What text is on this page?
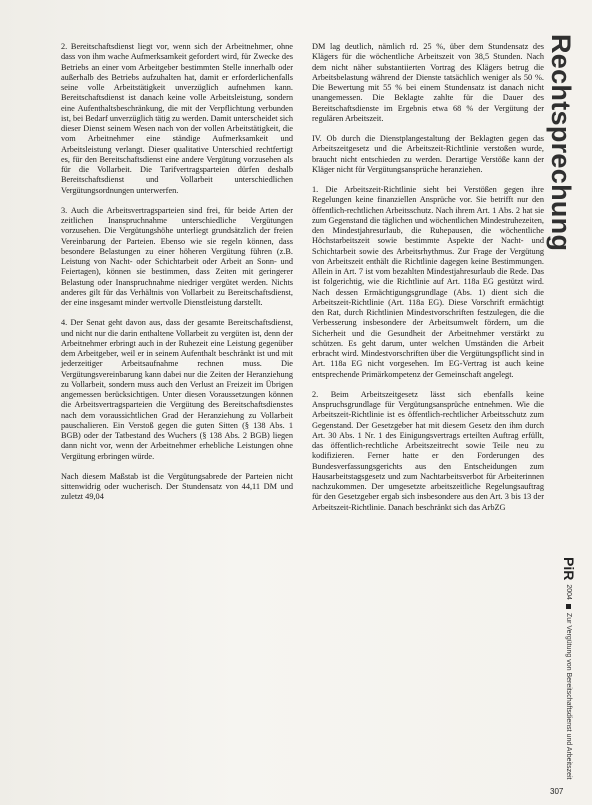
Rechtsprechung

2. Bereitschaftsdienst liegt vor, wenn sich der Arbeitnehmer, ohne dass von ihm wache Aufmerksamkeit gefordert wird, für Zwecke des Betriebs an einer vom Arbeitgeber bestimmten Stelle innerhalb oder außerhalb des Betriebs aufzuhalten hat, damit er erforderlichenfalls seine volle Arbeitstätigkeit unverzüglich aufnehmen kann. Bereitschaftsdienst ist danach keine volle Arbeitsleistung, sondern eine Aufenthaltsbeschränkung, die mit der Verpflichtung verbunden ist, bei Bedarf unverzüglich tätig zu werden. Damit unterscheidet sich dieser Dienst seinem Wesen nach von der vollen Arbeitstätigkeit, die vom Arbeitnehmer eine ständige Aufmerksamkeit und Arbeitsleistung verlangt. Dieser qualitative Unterschied rechtfertigt es, für den Bereitschaftsdienst eine andere Vergütung vorzusehen als für die Vollarbeit. Die Tarifvertragsparteien dürfen deshalb Bereitschaftsdienst und Vollarbeit unterschiedlichen Vergütungsordnungen unterwerfen.

3. Auch die Arbeitsvertragsparteien sind frei, für beide Arten der zeitlichen Inanspruchnahme unterschiedliche Vergütungen vorzusehen. Die Vergütungshöhe unterliegt grundsätzlich der freien Vereinbarung der Parteien. Ebenso wie sie regeln können, dass besondere Belastungen zu einer höheren Vergütung führen (z.B. Leistung von Nacht- oder Schichtarbeit oder Arbeit an Sonn- und Feiertagen), können sie bestimmen, dass Zeiten mit geringerer Belastung oder Inanspruchnahme niedriger vergütet werden. Nichts anderes gilt für das Verhältnis von Vollarbeit zu Bereitschaftsdienst, der eine insgesamt minder wertvolle Dienstleistung darstellt.

4. Der Senat geht davon aus, dass der gesamte Bereitschaftsdienst, und nicht nur die darin enthaltene Vollarbeit zu vergüten ist, denn der Arbeitnehmer erbringt auch in der Ruhezeit eine Leistung gegenüber dem Arbeitgeber, weil er in seinem Aufenthalt beschränkt ist und mit jederzeitiger Arbeitsaufnahme rechnen muss. Die Vergütungsvereinbarung kann dabei nur die Zeiten der Heranziehung zu Vollarbeit, sondern muss auch den Verlust an Freizeit im Übrigen angemessen berücksichtigen. Unter diesen Voraussetzungen können die Arbeitsvertragsparteien die Vergütung des Bereitschaftsdienstes nach dem voraussichtlichen Grad der Heranziehung zu Vollarbeit pauschalieren. Ein Verstoß gegen die guten Sitten (§ 138 Abs. 1 BGB) oder der Tatbestand des Wuchers (§ 138 Abs. 2 BGB) liegen dann nicht vor, wenn der Arbeitnehmer erhebliche Leistungen ohne Vergütung erbringen würde.

Nach diesem Maßstab ist die Vergütungsabrede der Parteien nicht sittenwidrig oder wucherisch. Der Stundensatz von 44,11 DM und zuletzt 49,04

DM lag deutlich, nämlich rd. 25 %, über dem Stundensatz des Klägers für die wöchentliche Arbeitszeit von 38,5 Stunden. Nach dem nicht näher substantiierten Vortrag des Klägers betrug die Arbeitsbelastung während der Dienste tatsächlich weniger als 50 %. Die Bewertung mit 55 % bei einem Stundensatz ist danach nicht unangemessen. Die Beklagte zahlte für die Dauer des Bereitschaftsdienste im Ergebnis etwa 68 % der Vergütung der regulären Arbeitszeit.

IV. Ob durch die Dienstplangestaltung der Beklagten gegen das Arbeitszeitgesetz und die Arbeitszeit-Richtlinie verstoßen wurde, braucht nicht entschieden zu werden. Derartige Verstöße kann der Kläger nicht für Vergütungsansprüche heranziehen.

1. Die Arbeitszeit-Richtlinie sieht bei Verstößen gegen ihre Regelungen keine finanziellen Ansprüche vor. Sie betrifft nur den öffentlich-rechtlichen Arbeitsschutz. Nach ihrem Art. 1 Abs. 2 hat sie zum Gegenstand die täglichen und wöchentlichen Mindestruhezeiten, den Mindestjahresurlaub, die Ruhepausen, die wöchentliche Höchstarbeitszeit sowie bestimmte Aspekte der Nacht- und Schichtarbeit sowie des Arbeitsrhythmus. Zur Frage der Vergütung von Arbeitszeit enthält die Richtlinie dagegen keine Bestimmungen. Allein in Art. 7 ist vom bezahlten Mindestjahresurlaub die Rede. Das ist folgerichtig, wie die Richtlinie auf Art. 118a EG gestützt wird. Nach dessen Ermächtigungsgrundlage (Abs. 1) dient sich die Arbeitszeit-Richtlinie (Art. 118a EG). Diese Vorschrift ermächtigt den Rat, durch Richtlinien Mindestvorschriften festzulegen, die die Verbesserung insbesondere der Arbeitsumwelt fördern, um die Sicherheit und die Gesundheit der Arbeitnehmer verstärkt zu schützen. Es geht darum, unter welchen Umständen die Arbeit erbracht wird. Mindestvorschriften über die Vergütungspflicht sind in Art. 118a EG nicht vorgesehen. Im EG-Vertrag ist auch keine entsprechende Primärkompetenz der Gemeinschaft angelegt.

2. Beim Arbeitszeitgesetz lässt sich ebenfalls keine Anspruchsgrundlage für Vergütungsansprüche entnehmen. Wie die Arbeitszeit-Richtlinie ist es öffentlich-rechtlicher Arbeitsschutz zum Gegenstand. Der Gesetzgeber hat mit diesem Gesetz den ihm durch Art. 30 Abs. 1 Nr. 1 des Einigungsvertrags erteilten Auftrag erfüllt, das öffentlich-rechtliche Arbeitszeitrecht sowie Teile neu zu kodifizieren. Ferner hatte er den Forderungen des Bundesverfassungsgerichts aus den Entscheidungen zum Hausarbeitstagsgesetz und zum Nachtarbeitsverbot für Arbeiterinnen nachzukommen. Der umgesetzte arbeitszeitliche Regelungsauftrag für den Gesetzgeber ergab sich insbesondere aus den Art. 3 bis 13 der Arbeitszeit-Richtlinie. Danach beschränkt sich das ArbZG

PiR
2004
Zur Vergütung von Bereitschaftsdienst und Arbeitszeit
307
